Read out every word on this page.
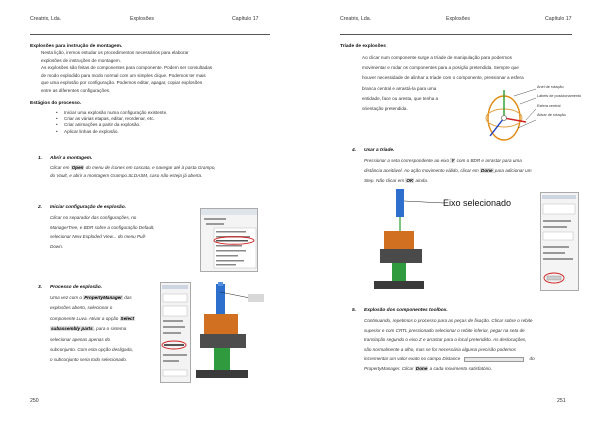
Creatrix, Lda.	Explosões	Capítulo 17
Explosões para instrução de montagem.
Nesta lição, iremos estudar os procedimentos necessários para elaborar
explosões de instruções de montagem.
As explosões são feitas de componentes para componente. Podem ser consultadas
de modo explodido para modo normal com um simples clique. Podemos ter mais
que uma explosão por configuração. Podemos editar, apagar, copiar explosões
entre as diferentes configurações.
Estágios do processo.
• Iniciar uma explosão numa configuração existente.
• Criar as várias etapas, editar, reordenar, etc.
• Criar animações a partir da explosão.
• Aplicar linhas de explosão.
1. Abrir a montagem.
Clicar em Open do menu de ícones em cascata, e navegar até à pasta Grampo,
do Vault, e abrir a montagem Grampo.SLDASM, caso não esteja já aberta.
2. Iniciar configuração de explosão.
Clicar no separador das configurações, no
ManagerTree, e BDR sobre a configuração Default,
selecionar New Exploded View... do menu Pull-
Down.
3. Processo de explosão.
Uma vez com o PropertyManager das
explosões aberto, selecionar o
componente Luva. Ativar a opção Select
subassembly parts, para o sistema
selecionar apenas apenas do
subconjunto. Com esta opção desligada,
o subconjunto seria todo selecionado.
250
Creatrix, Lda.	Explosões	Capítulo 17
Tríade de explosões
Ao clicar num componente surge a tríade de manipulação para podermos
movimentar e rodar os componentes para a posição pretendida. Sempre que
houver necessidade de alinhar a tríade com o componente, pressionar a esfera
branca central e arrastá-la para uma
entidade, face ou aresta, que tenha a
orientação pretendida.
Anel de rotação
Labels de posicionamento
Esfera central
Ativar de rotação
4. Usar a tríade.
Pressionar a seta correspondente ao eixo Y com o BDR e arrastar para uma
distância aceitável. Ao ação movimento válido, clicar em Done para adicionar um
Step. Não clicar em OK ainda.
Eixo selecionado
5. Explosão dos componentes toolbox.
Continuando, repetimos o processo para as peças de fixação. Clicar sobre o rebite
superior e com CRTL pressionado selecionar o rebite inferior, pegar na seta de
translação segundo o eixo Z e arrastar para o local pretendido. As deslocações,
são normalmente a olho, mas se for necessária alguma precisão podemos
incrementar um valor exato no campo Distance	do
PropertyManager. Clicar Done a cada movimento satisfatório.
251
